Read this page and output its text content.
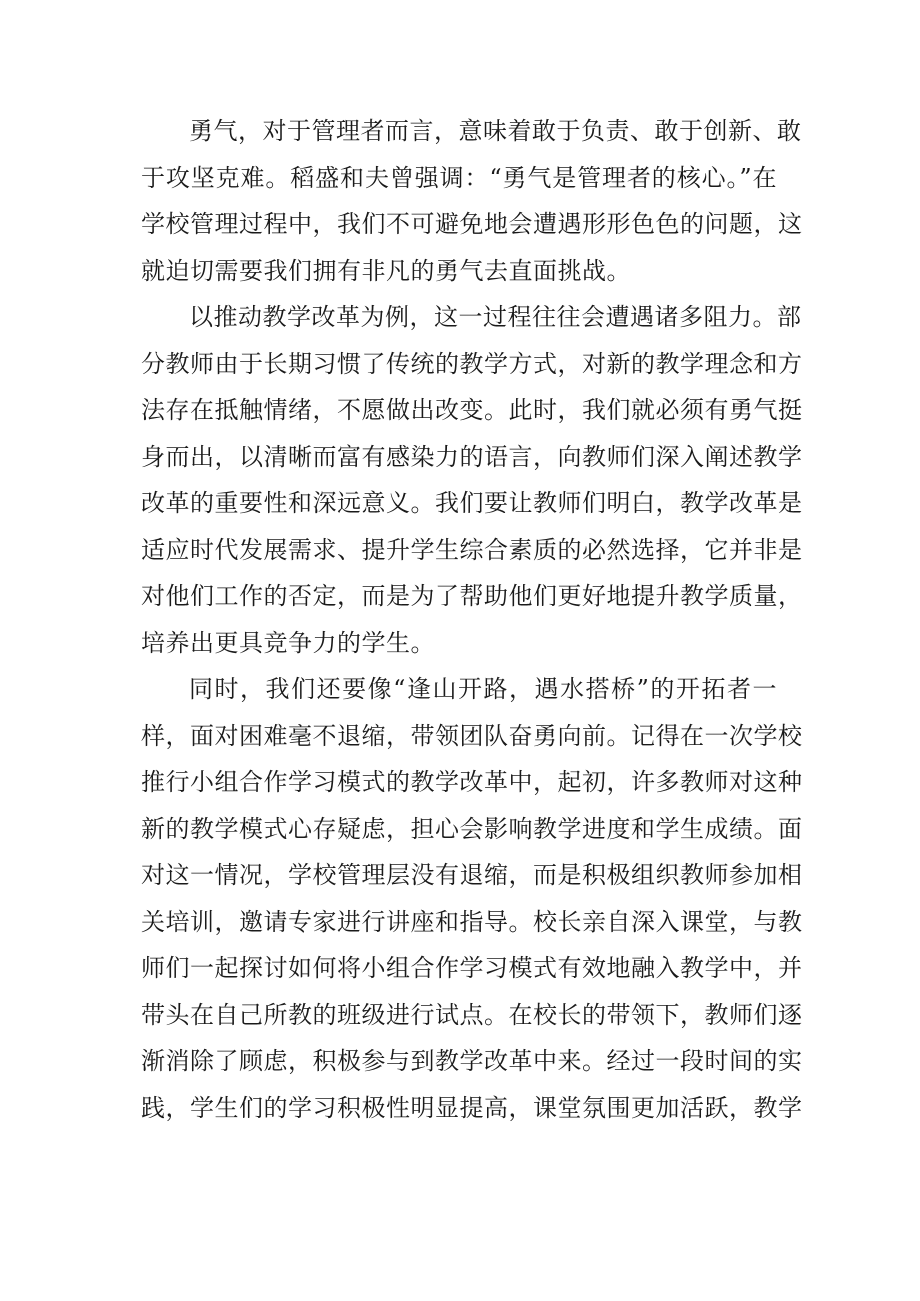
勇气，对于管理者而言，意味着敢于负责、敢于创新、敢
于攻坚克难。稻盛和夫曾强调：“勇气是管理者的核心。”在
学校管理过程中，我们不可避免地会遭遇形形色色的问题，这
就迫切需要我们拥有非凡的勇气去直面挑战。
以推动教学改革为例，这一过程往往会遭遇诸多阻力。部
分教师由于长期习惯了传统的教学方式，对新的教学理念和方
法存在抵触情绪，不愿做出改变。此时，我们就必须有勇气挺
身而出，以清晰而富有感染力的语言，向教师们深入阐述教学
改革的重要性和深远意义。我们要让教师们明白，教学改革是
适应时代发展需求、提升学生综合素质的必然选择，它并非是
对他们工作的否定，而是为了帮助他们更好地提升教学质量，
培养出更具竞争力的学生。
同时，我们还要像“逢山开路，遇水搭桥”的开拓者一
样，面对困难毫不退缩，带领团队奋勇向前。记得在一次学校
推行小组合作学习模式的教学改革中，起初，许多教师对这种
新的教学模式心存疑虑，担心会影响教学进度和学生成绩。面
对这一情况，学校管理层没有退缩，而是积极组织教师参加相
关培训，邀请专家进行讲座和指导。校长亲自深入课堂，与教
师们一起探讨如何将小组合作学习模式有效地融入教学中，并
带头在自己所教的班级进行试点。在校长的带领下，教师们逐
渐消除了顾虑，积极参与到教学改革中来。经过一段时间的实
践，学生们的学习积极性明显提高，课堂氛围更加活跃，教学
